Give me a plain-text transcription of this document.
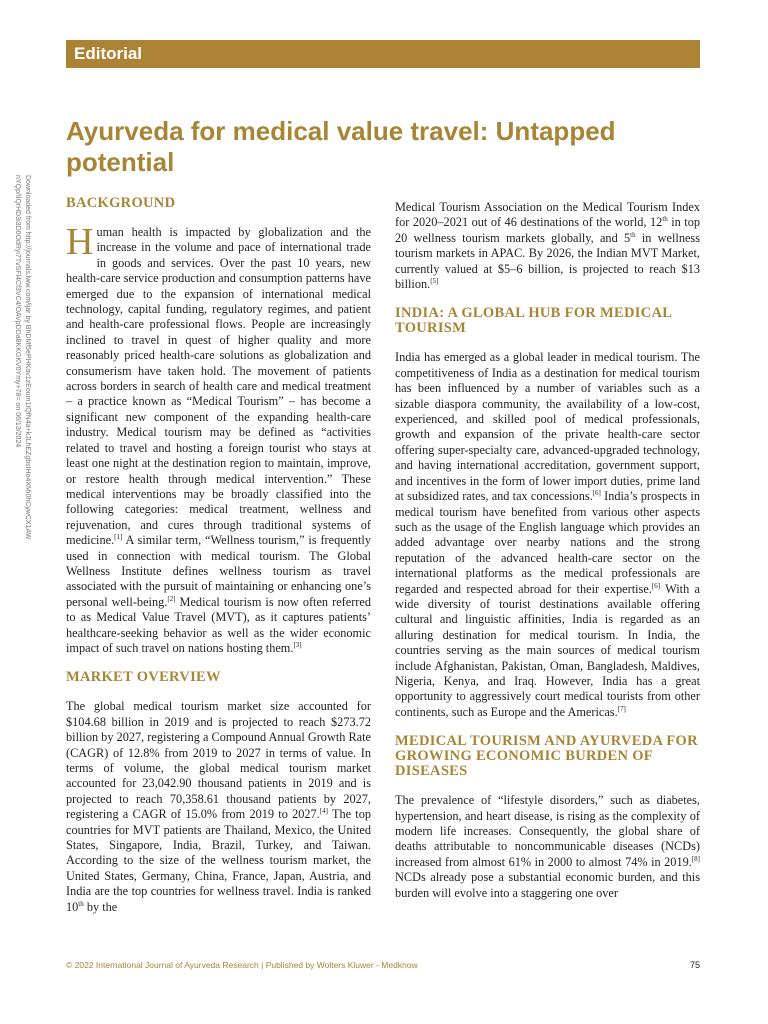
Editorial
Ayurveda for medical value travel: Untapped potential
Downloaded from http://journals.lww.com/ijar by BhDMf5ePHKav1zEoum1tQfN4a+kJLhEZgbsIHo4XMi0hCywCX1AW
nYQp/IlQrHD3i3D0OdRyi7TvSFl4Cf3VC4/OAVpDDa8KKGKV0Ymy+78= on 06/13/2024
BACKGROUND

Human health is impacted by globalization and the increase in the volume and pace of international trade in goods and services. Over the past 10 years, new health-care service production and consumption patterns have emerged due to the expansion of international medical technology, capital funding, regulatory regimes, and patient and health-care professional flows. People are increasingly inclined to travel in quest of higher quality and more reasonably priced health-care solutions as globalization and consumerism have taken hold. The movement of patients across borders in search of health care and medical treatment – a practice known as “Medical Tourism” – has become a significant new component of the expanding health-care industry. Medical tourism may be defined as “activities related to travel and hosting a foreign tourist who stays at least one night at the destination region to maintain, improve, or restore health through medical intervention.” These medical interventions may be broadly classified into the following categories: medical treatment, wellness and rejuvenation, and cures through traditional systems of medicine.[1] A similar term, “Wellness tourism,” is frequently used in connection with medical tourism. The Global Wellness Institute defines wellness tourism as travel associated with the pursuit of maintaining or enhancing one’s personal well-being.[2] Medical tourism is now often referred to as Medical Value Travel (MVT), as it captures patients’ healthcare-seeking behavior as well as the wider economic impact of such travel on nations hosting them.[3]

MARKET OVERVIEW

The global medical tourism market size accounted for $104.68 billion in 2019 and is projected to reach $273.72 billion by 2027, registering a Compound Annual Growth Rate (CAGR) of 12.8% from 2019 to 2027 in terms of value. In terms of volume, the global medical tourism market accounted for 23,042.90 thousand patients in 2019 and is projected to reach 70,358.61 thousand patients by 2027, registering a CAGR of 15.0% from 2019 to 2027.[4] The top countries for MVT patients are Thailand, Mexico, the United States, Singapore, India, Brazil, Turkey, and Taiwan. According to the size of the wellness tourism market, the United States, Germany, China, France, Japan, Austria, and India are the top countries for wellness travel. India is ranked 10th by the

Medical Tourism Association on the Medical Tourism Index for 2020–2021 out of 46 destinations of the world, 12th in top 20 wellness tourism markets globally, and 5th in wellness tourism markets in APAC. By 2026, the Indian MVT Market, currently valued at $5–6 billion, is projected to reach $13 billion.[5]

INDIA: A GLOBAL HUB FOR MEDICAL TOURISM

India has emerged as a global leader in medical tourism. The competitiveness of India as a destination for medical tourism has been influenced by a number of variables such as a sizable diaspora community, the availability of a low-cost, experienced, and skilled pool of medical professionals, growth and expansion of the private health-care sector offering super-specialty care, advanced-upgraded technology, and having international accreditation, government support, and incentives in the form of lower import duties, prime land at subsidized rates, and tax concessions.[6] India’s prospects in medical tourism have benefited from various other aspects such as the usage of the English language which provides an added advantage over nearby nations and the strong reputation of the advanced health-care sector on the international platforms as the medical professionals are regarded and respected abroad for their expertise.[6] With a wide diversity of tourist destinations available offering cultural and linguistic affinities, India is regarded as an alluring destination for medical tourism. In India, the countries serving as the main sources of medical tourism include Afghanistan, Pakistan, Oman, Bangladesh, Maldives, Nigeria, Kenya, and Iraq. However, India has a great opportunity to aggressively court medical tourists from other continents, such as Europe and the Americas.[7]

MEDICAL TOURISM AND AYURVEDA FOR GROWING ECONOMIC BURDEN OF DISEASES

The prevalence of “lifestyle disorders,” such as diabetes, hypertension, and heart disease, is rising as the complexity of modern life increases. Consequently, the global share of deaths attributable to noncommunicable diseases (NCDs) increased from almost 61% in 2000 to almost 74% in 2019.[8] NCDs already pose a substantial economic burden, and this burden will evolve into a staggering one over

© 2022 International Journal of Ayurveda Research | Published by Wolters Kluwer - Medknow	75
